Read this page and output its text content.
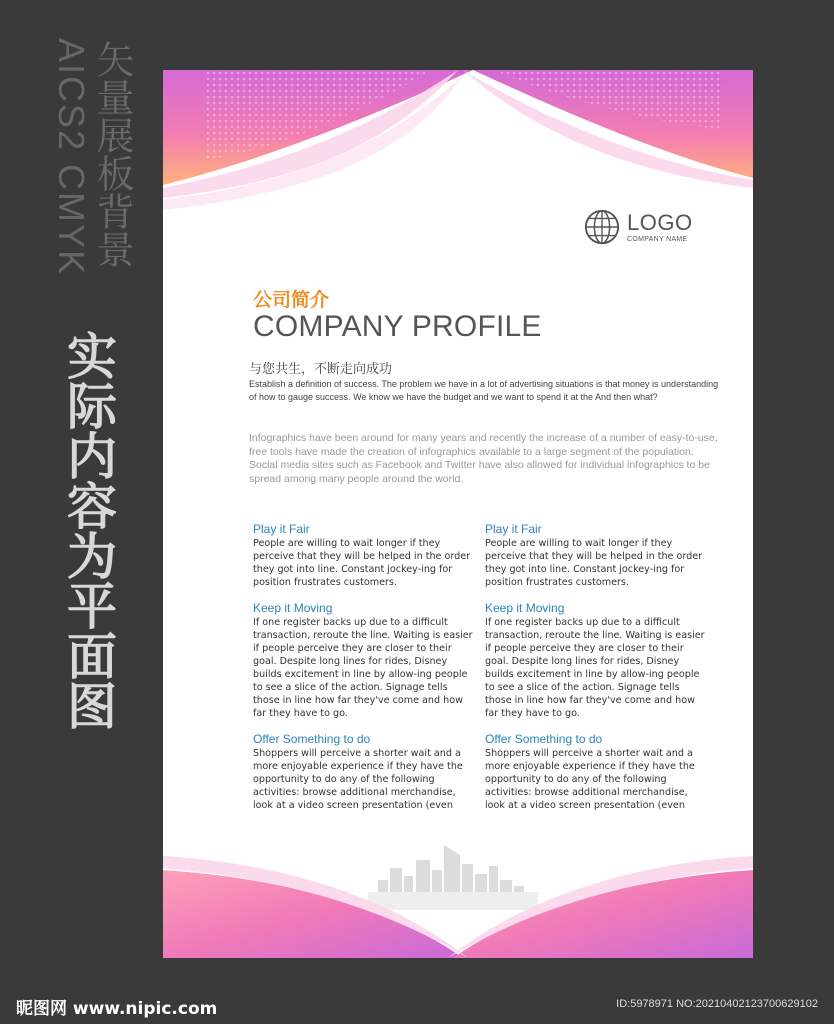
AICS2 CMYK
矢量展板背景
实际内容为平面图
LOGO
COMPANY NAME
公司简介
COMPANY PROFILE
与您共生，不断走向成功
Establish a definition of success. The problem we have in a lot of advertising situations is that money is understanding of how to gauge success. We know we have the budget and we want to spend it at the And then what?
Infographics have been around for many years and recently the increase of a number of easy-to-use, free tools have made the creation of infographics available to a large segment of the population. Social media sites such as Facebook and Twitter have also allowed for individual infographics to be spread among many people around the world.
Play it Fair
People are willing to wait longer if they perceive that they will be helped in the order they got into line. Constant jockey-ing for position frustrates customers.
Keep it Moving
If one register backs up due to a difficult transaction, reroute the line. Waiting is easier if people perceive they are closer to their goal. Despite long lines for rides, Disney builds excitement in line by allow-ing people to see a slice of the action. Signage tells those in line how far they've come and how far they have to go.
Offer Something to do
Shoppers will perceive a shorter wait and a more enjoyable experience if they have the opportunity to do any of the following activities: browse additional merchandise, look at a video screen presentation (even
Play it Fair
People are willing to wait longer if they perceive that they will be helped in the order they got into line. Constant jockey-ing for position frustrates customers.
Keep it Moving
If one register backs up due to a difficult transaction, reroute the line. Waiting is easier if people perceive they are closer to their goal. Despite long lines for rides, Disney builds excitement in line by allow-ing people to see a slice of the action. Signage tells those in line how far they've come and how far they have to go.
Offer Something to do
Shoppers will perceive a shorter wait and a more enjoyable experience if they have the opportunity to do any of the following activities: browse additional merchandise, look at a video screen presentation (even
昵图网 www.nipic.com	ID:5978971 NO:20210402123700629102
